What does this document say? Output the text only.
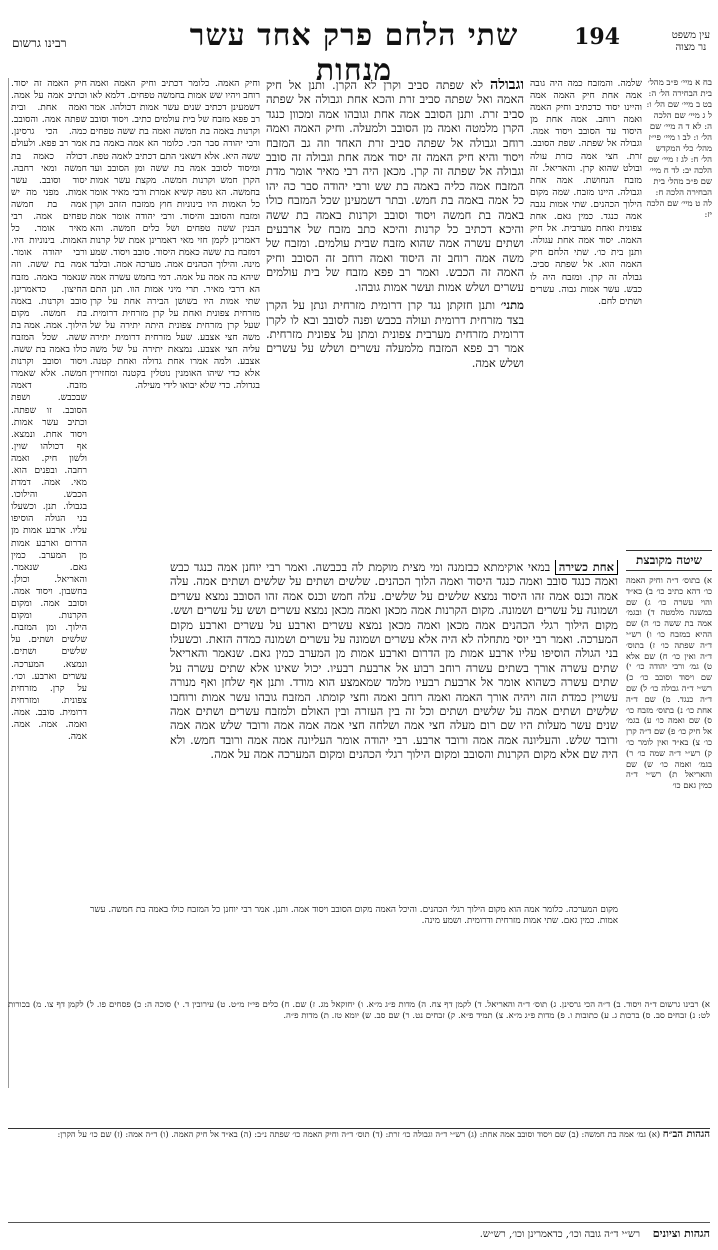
שתי הלחם פרק אחד עשר מנחות
194	עין משפט
נר מצוה
רבינו גרשום

בח א מיי׳ פ״ב מהל׳ בית הבחירה הל׳ ה: בט ב מיי׳ שם הל׳ ו: ל ג מיי׳ שם הלכה ה: לא ד ה מיי׳ שם הל׳ ו: לב ו מיי׳ פי״ז מהל׳ כלי המקדש הל׳ ח: לג ז מיי׳ שם הלכה יב: לד ח מיי׳ שם פ״ב מהל׳ בית הבחירה הלכה ח: לה ט מיי׳ שם הלכה יז:

שלמה. והמזבח כמה היה גובה אמה אחת חיק האמה אמה והיינו יסוד כדכתיב וחיק האמה ואמה רוחב. אמה אחת מן היסוד עד הסובב ויסוד אמה. וגבולה אל שפתה. שפת הסובב. זרת. חצי אמה כזרת עולה ובולט שהוא קרן. והאריאל. זה מזבח הנחושת. אמה אחת וגבולה. היינו מזבח. שמה מקום הילוך הכהנים. שתי אמות נגבה אמה כנגד. כמין גאם. אחת צפונית ואחת מערבית. אל חיק האמה. יסוד אמה אחת עגולה. ותנן בית כו׳. שתי הלחם חיק האמה הוא. אל שפתה סביב. גבולה זה קרן. ומזבח היה לו כבש. עשר אמות גבוה. עשרים ושתים לחם.

וגבולה לא שפתה סביב וקרן לא הקרן. ותנן אל חיק האמה ואל שפתה סביב זרת והכא אחת וגבולה אל שפתה סביב זרת. ותנן הסובב אמה אחת וגובהו אמה ומכוון כנגד הקרן מלמטה ואמה מן הסובב ולמעלה. וחיק האמה ואמה רוחב וגבולה אל שפתה סביב זרת האחד וזה גב המזבח ויסוד והיא חיק האמה זה יסוד אמה אחת וגבולה זה סובב וגבולה אל שפתה זה קרן. מכאן היה רבי מאיר אומר מדת המזבח אמה כליה באמה בת שש ורבי יהודה סבר כה יהו כל אמה באמה בת חמש. ובתר דשמעינן שכל המזבח כולו באמה בת חמשה ויסוד וסובב וקרנות באמה בת ששה והיכא דכתיב כל קרנות והיכא כתב מזבח של ארבעים ושתים עשרה אמה שהוא מזבח שבית עולמים. ומזבח של משה אמה רוחב זה היסוד ואמה רוחב זה הסובב וחיק האמה זה הכבש. ואמר רב פפא מזבח של בית עולמים עשרים ושלש אמות ועשר אמות גובהו.

מתני׳ ותנן חזקתן נגד קרן דרומית מזרחית ונתן על הקרן בצד מזרחית דרומית ועולה בכבש ופנה לסובב ובא לו לקרן דרומית מזרחית מערבית צפונית ומתן על צפונית מזרחית. אמר רב פפא המזבח מלמעלה עשרים ושלש על עשרים ושלש אמה.

וחיק האמה. כלומר דכתיב וחיק האמה ואמה רוחב ויהיו שש אמות בחמשה טפחים. דלמא לאו דשמעינן דכתיב שנים עשר אמות דכולהו. אמר רב פפא מזבח של בית עולמים כתיב. ויסוד וסובב וקרנות באמה בת חמשה ואמה בת ששה טפחים ורבי יהודה סבר הכי. כלומר הא אמה באמה בת ששה היא. אלא דשאני התם דכתיב לאמה טפח. ומיסוד לסובב אמה בת ששה ומן הסובב ועד הקרן חמש וקרנות חמשה. מקצת עשר אמות בחמשה. הא גופה קשיא אמרת ורבי מאיר אומר כל האמות היו בינוניות חוץ ממזבח הזהב וקרן ומזבח והסובב והיסוד. ורבי יהודה אומר אמת הבנין ששה טפחים ושל כלים חמשה. והא דאמרינן לקמן חזי מאי דאמרינן אמת של קרנות דמזבח בת ששה כאמת היסוד. סובב ויסוד. שמע מינה. והילוך הכהנים אמה. מערכה אמה. ובלבד שיהא בה אמה על אמה. דמי בחמש עשרה אמה הא דרבי מאיר. תרי מיני אמות הוו. תנן התם שתי אמות היו בשושן הבירה אחת על קרן מזרחית צפונית ואחת על קרן מזרחית דרומית. שעל קרן מזרחית צפונית היתה יתירה על של משה חצי אצבע. שעל מזרחית דרומית יתירה עליה חצי אצבע. נמצאת יתירה על של משה אצבע. ולמה אמרו אחת גדולה ואחת קטנה. אלא כדי שיהו האומנין נוטלין בקטנה ומחזירין בגדולה. כדי שלא יבואו לידי מעילה.

חיק האמה זה יסוד. וכתיב אמה על אמה. ואמה אחת. ובית שפתה אמה. והסובב. כמה. הכי גרסינן. אמר רב פפא. ולעולם דכולה כאמה בת חמשה ומאי רחבה. יסוד וסובב. עשר אמות. מפני מה יש אמה בת חמשה טפחים אמה. רבי מאיר אומר. כל האמות. בינוניות היו. ורבי יהודה אומר. אמה בת ששה. וזה שנאמר באמה. מזבח החיצון. כדאמרינן. סובב וקרנות. באמה בת חמשה. מקום הילוך. אמה. אמה בת ששה. שכל המזבח כולו באמה בת ששה. ויסוד וסובב וקרנות חמשה. אלא שאמרו מזבח. דאמה שבכבש. ושפת הסובב. זו שפתה. וכתיב עשר אמות. ויסוד אחת. ונמצא. אף דכולהו שוין. ולשון חיק. ואמה רחבה. ובפנים הוא. מאי. אמה. דמדת הכבש. והילוכו. בגבולו. תנן. וכשעלו בני הגולה הוסיפו עליו. ארבע אמות מן הדרום וארבע אמות מן המערב. כמין גאם. שנאמר. והאריאל. וכולן. בחשבון. ויסוד אמה. וסובב אמה. ומקום הקרנות. ומקום הילוך. ומן המזבח. שלשים ושתים. על שלשים ושתים. ונמצא. המערכה. עשרים וארבע. וכו׳. על קרן. מזרחית צפונית. ומזרחית דרומית. סובב. אמה. ואמה. אמה. אמה. אמה.

שיטה מקובצת

א) בתוס׳ ד״ה וחיק האמה כו׳ דהא כתיב כו׳ ב) בא״ד והוי עשרה כו׳ ג) שם במשנה מלמטה ד) ובגמ׳ אמה בת ששה כו׳ ה) שם ההיא במזבח כו׳ ו) רש״י ד״ה שפתה כו׳ ז) בתוס׳ ד״ה ואין כו׳ ח) שם אלא ט) גמ׳ ורבי יהודה כו׳ י) שם ויסוד וסובב כו׳ כ) רש״י ד״ה גבולה כו׳ ל) שם ד״ה כנגד. מ) שם ד״ה אחת כו׳ נ) בתוס׳ מזבח כו׳ ס) שם ואמה כו׳ ע) בגמ׳ אל חיק כו׳ פ) שם ד״ה קרן כו׳ צ) בא״ד ואין לומר כו׳ ק) רש״י ד״ה שמה כו׳ ר) בגמ׳ ואמה כו׳ ש) שם והאריאל ת) רש״י ד״ה כמין גאם כו׳

אחת כשירה במאי אוקימתא כבזמנה ומי מצית מוקמת לה בכבשה. ואמר רבי יוחנן אמה כנגד כבש ואמה כנגד סובב ואמה כנגד היסוד ואמה הלוך הכהנים. שלשים ושתים על שלשים ושתים אמה. עלה אמה וכנס אמה זהו היסוד נמצא שלשים על שלשים. עלה חמש וכנס אמה זהו הסובב נמצא עשרים ושמונה על עשרים ושמונה. מקום הקרנות אמה מכאן ואמה מכאן נמצא עשרים ושש על עשרים ושש. מקום הילוך רגלי הכהנים אמה מכאן ואמה מכאן נמצא עשרים וארבע על עשרים וארבע מקום המערכה. ואמר רבי יוסי מתחלה לא היה אלא עשרים ושמונה על עשרים ושמונה כמדה הזאת. וכשעלו בני הגולה הוסיפו עליו ארבע אמות מן הדרום וארבע אמות מן המערב כמין גאם. שנאמר והאריאל שתים עשרה אורך בשתים עשרה רוחב רבוע אל ארבעת רבעיו. יכול שאינו אלא שתים עשרה על שתים עשרה כשהוא אומר אל ארבעת רבעיו מלמד שמאמצע הוא מודד. ותנן אף שלחן ואף מנורה עשויין כמדת הזה ויהיה אורך האמה ואמה רוחב ואמה וחצי קומתו. המזבח גובהו עשר אמות ורוחבו שלשים ושתים אמה על שלשים ושתים וכל זה בין העזרה ובין האולם ולמזבח עשרים ושתים אמה שנים עשר מעלות היו שם רום מעלה חצי אמה ושלחה חצי אמה אמה אמה ורובד שלש אמה אמה ורובד שלש. והעליונה אמה אמה ורובד ארבע. רבי יהודה אומר העליונה אמה אמה ורובד חמש. ולא היה שם אלא מקום הקרנות והסובב ומקום הילוך רגלי הכהנים ומקום המערכה אמה על אמה.

מקום המערכה. כלומר אמה הוא מקום הילוך רגלי הכהנים. והיכל האמה מקום הסובב ויסוד אמה. ותנן. אמר רבי יוחנן כל המזבח כולו באמה בת חמשה. עשר אמות. כמין גאם. שתי אמות מזרחית ודרומית. ושמע מינה.

א) רבינו גרשום ד״ה ויסוד. ב) ד״ה הכי גרסינן. ג) תוס׳ ד״ה והאריאל. ד) לקמן דף צח. ה) מדות פ״ג מ״א. ו) יחזקאל מג. ז) שם. ח) כלים פי״ז מ״ט. ט) עירובין ד. י) סוכה ה: כ) פסחים פו. ל) לקמן דף צו. מ) בכורות לט: נ) זבחים סב. ס) ברכות ג. ע) כתובות ו. פ) מדות פ״ג מ״א. צ) תמיד פ״א. ק) זבחים נט. ר) שם סב. ש) יומא טז. ת) מדות פ״ה.

הגהות הב״ח (א) גמ׳ אמה בת חמשה: (ב) שם ויסוד וסובב אמה אחת: (ג) רש״י ד״ה וגבולה כו׳ זרת: (ד) תוס׳ ד״ה וחיק האמה כו׳ שפתה נ״ב: (ה) בא״ד אל חיק האמה. (ו) ד״ה אמה: (ז) שם כו׳ על הקרן:
הגהות וציונים    רש״י ד״ה גובה וכו׳, כדאמרינן וכו׳, רש״ש.
